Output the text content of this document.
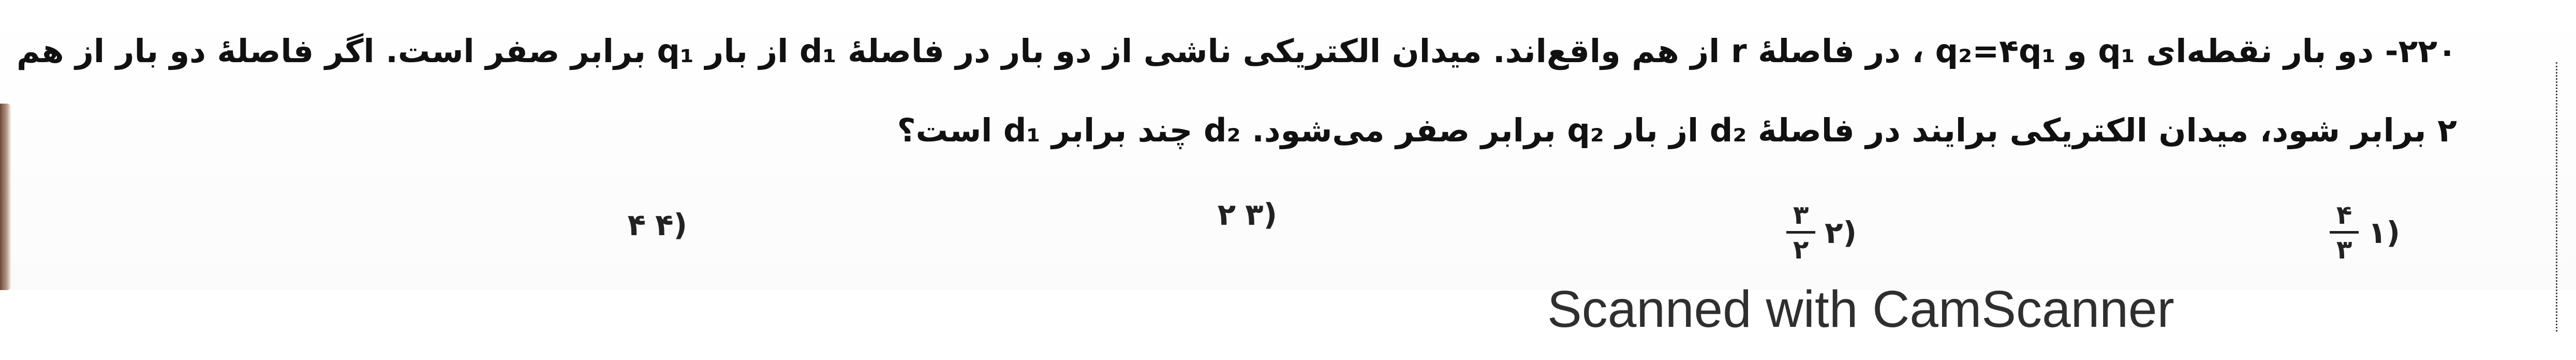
۲۲۰- دو بار نقطه‌ای q₁ و q₂=۴q₁ ، در فاصلهٔ r از هم واقع‌اند. میدان الکتریکی ناشی از دو بار در فاصلهٔ d₁ از بار q₁ برابر صفر است. اگر فاصلهٔ دو بار از هم
۲ برابر شود، میدان الکتریکی برایند در فاصلهٔ d₂ از بار q₂ برابر صفر می‌شود. d₂ چند برابر d₁ است؟
(۱
۴
۳
(۲
۳
۲
(۳
۲
(۴
۴
Scanned with CamScanner
